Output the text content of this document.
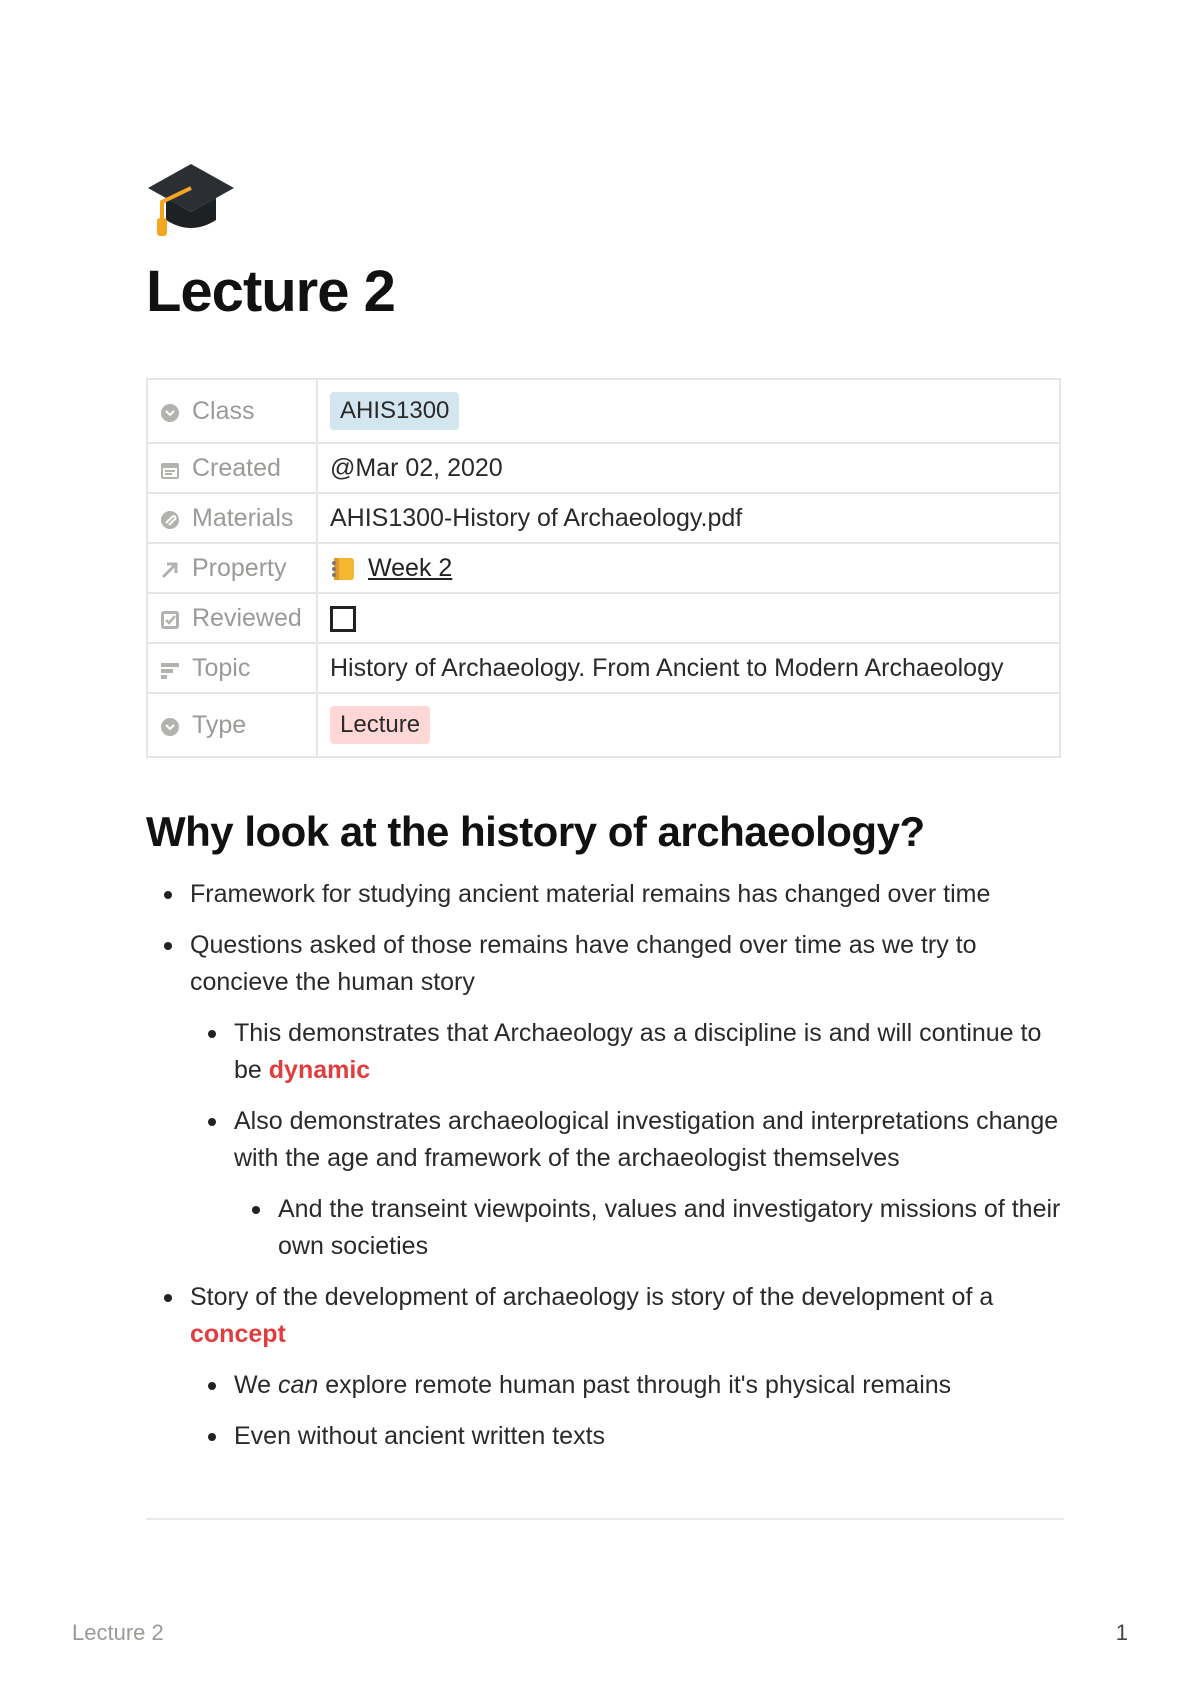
Lecture 2
Class	AHIS1300
Created	@Mar 02, 2020
Materials	AHIS1300-History of Archaeology.pdf
Property	Week 2
Reviewed	
Topic	History of Archaeology. From Ancient to Modern Archaeology
Type	Lecture
Why look at the history of archaeology?
Framework for studying ancient material remains has changed over time
Questions asked of those remains have changed over time as we try to concieve the human story
This demonstrates that Archaeology as a discipline is and will continue to be dynamic
Also demonstrates archaeological investigation and interpretations change with the age and framework of the archaeologist themselves
And the transeint viewpoints, values and investigatory missions of their own societies
Story of the development of archaeology is story of the development of a concept
We can explore remote human past through it's physical remains
Even without ancient written texts
Lecture 2	1
